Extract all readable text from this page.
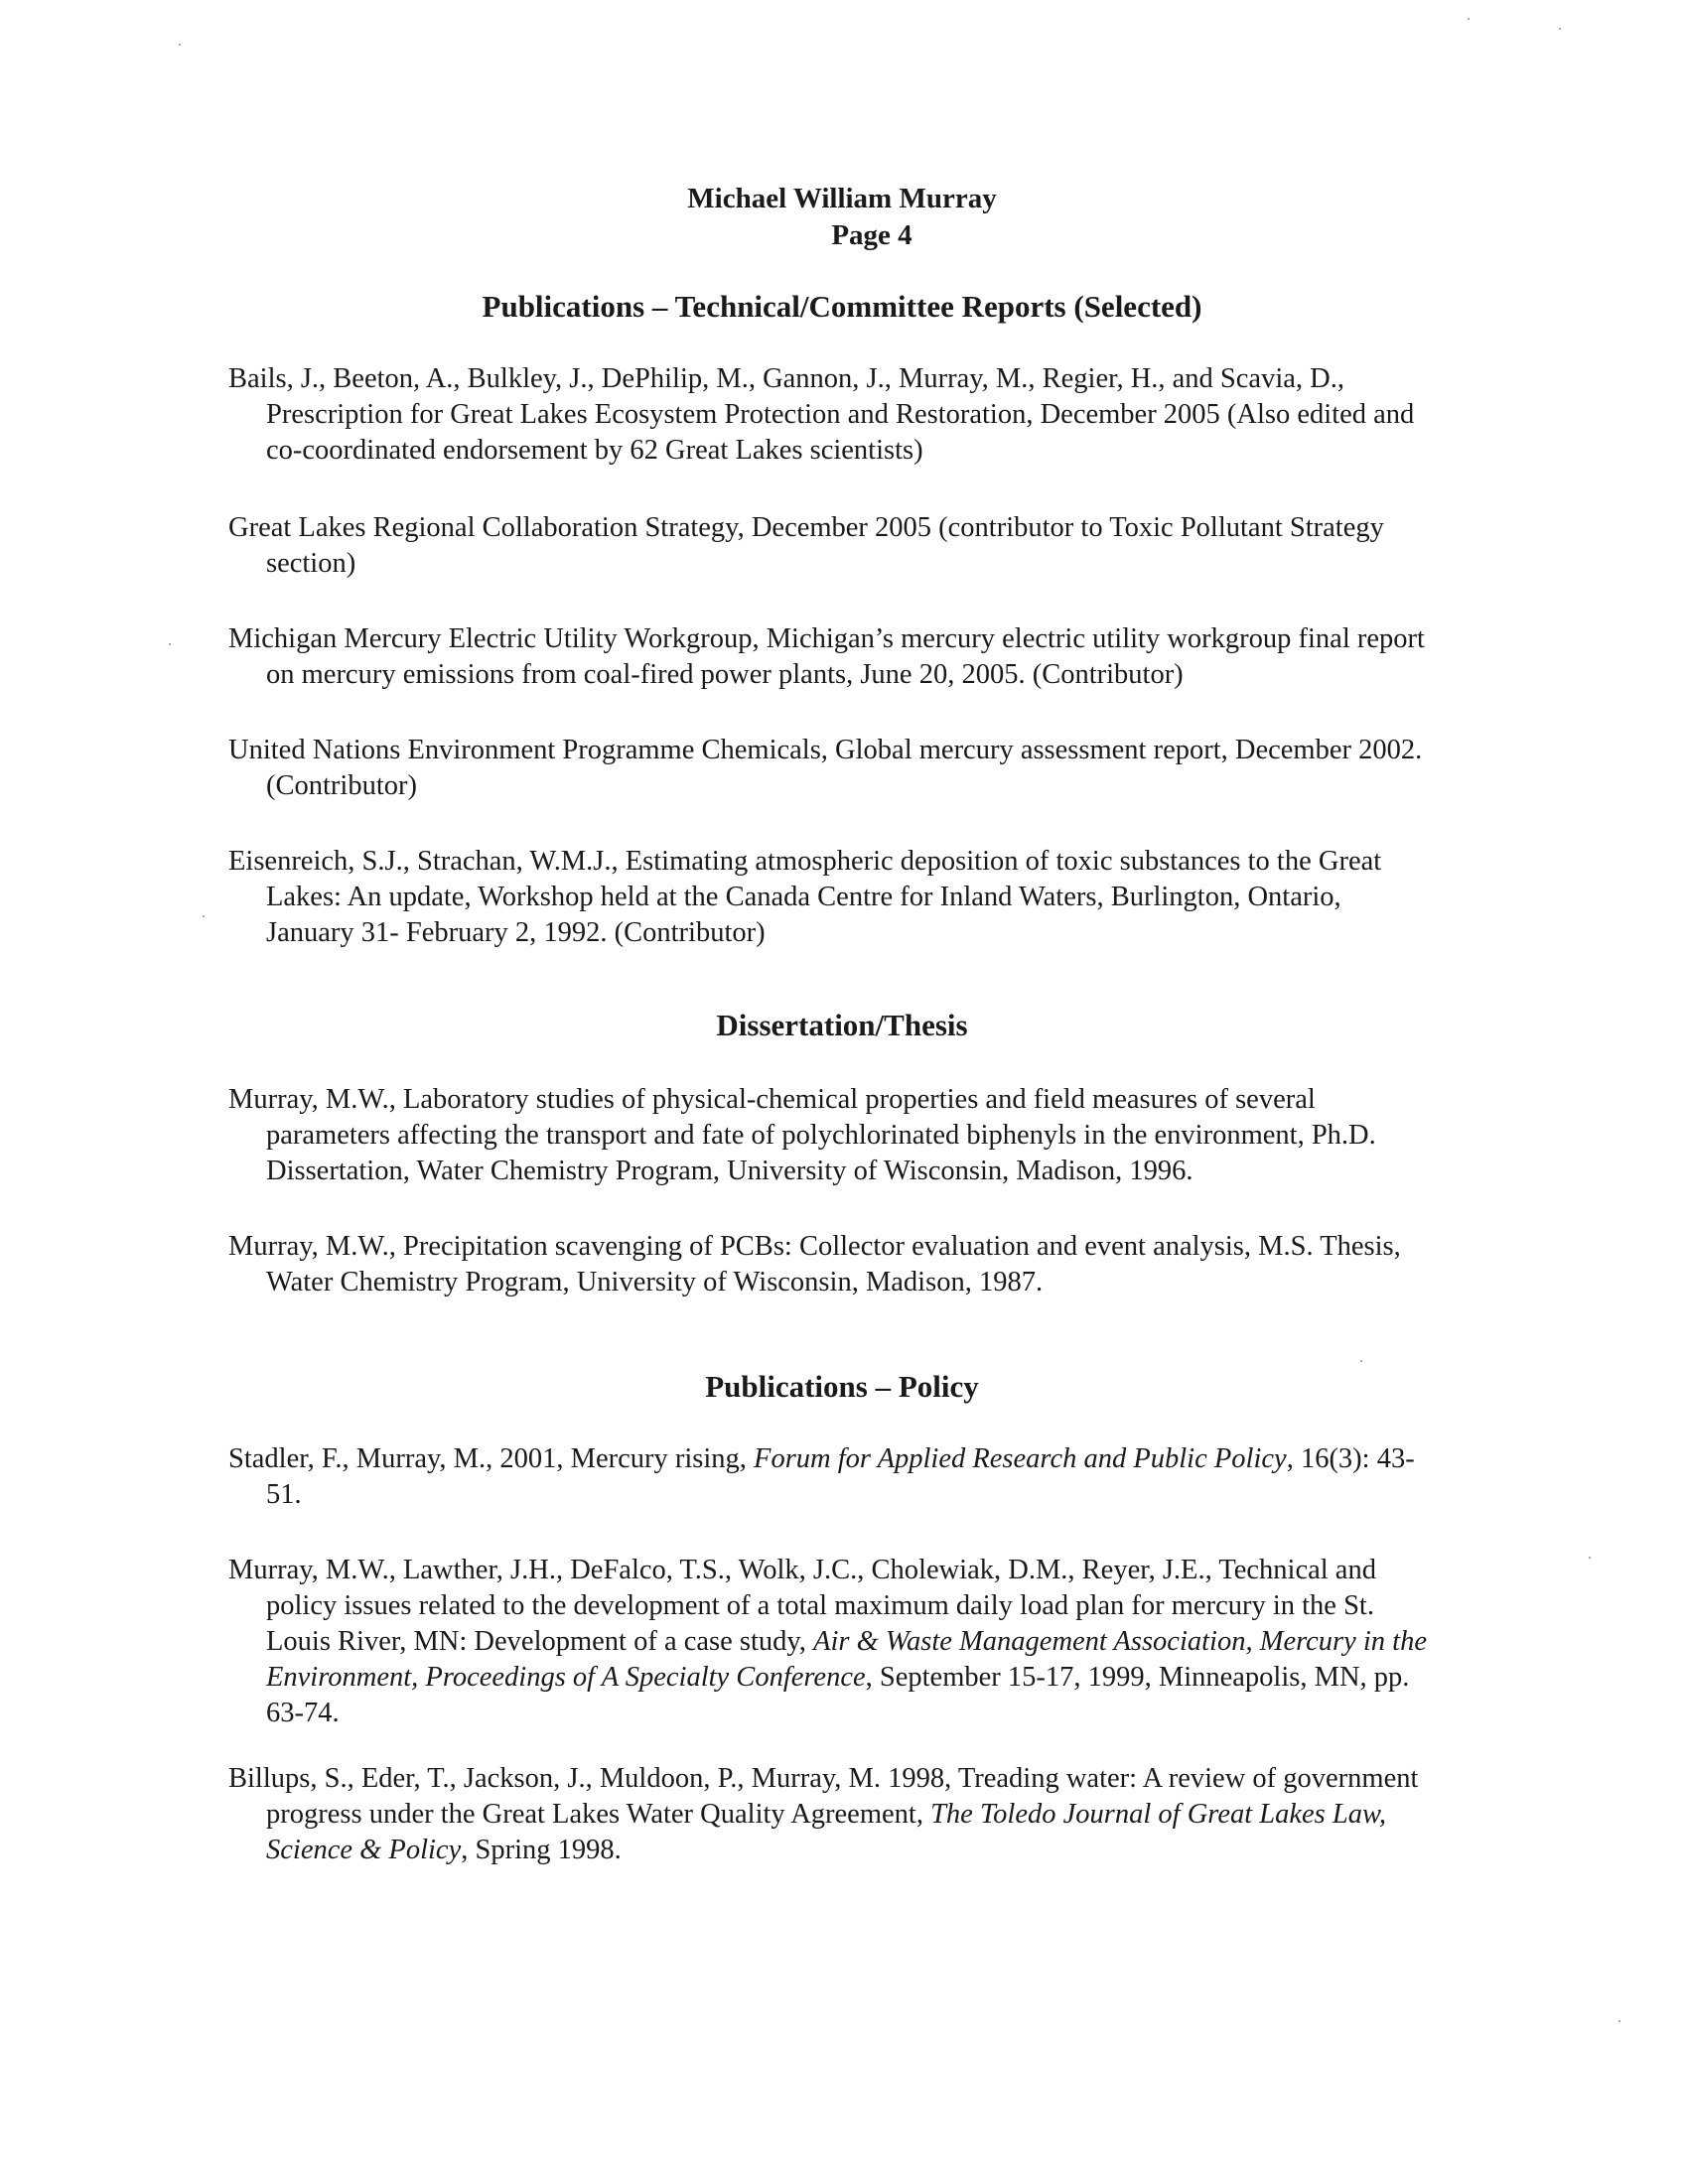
Michael William Murray
Page 4
Publications – Technical/Committee Reports (Selected)
Bails, J., Beeton, A., Bulkley, J., DePhilip, M., Gannon, J., Murray, M., Regier, H., and Scavia, D., Prescription for Great Lakes Ecosystem Protection and Restoration, December 2005 (Also edited and co-coordinated endorsement by 62 Great Lakes scientists)
Great Lakes Regional Collaboration Strategy, December 2005 (contributor to Toxic Pollutant Strategy section)
Michigan Mercury Electric Utility Workgroup, Michigan’s mercury electric utility workgroup final report on mercury emissions from coal-fired power plants, June 20, 2005. (Contributor)
United Nations Environment Programme Chemicals, Global mercury assessment report, December 2002. (Contributor)
Eisenreich, S.J., Strachan, W.M.J., Estimating atmospheric deposition of toxic substances to the Great Lakes: An update, Workshop held at the Canada Centre for Inland Waters, Burlington, Ontario, January 31- February 2, 1992. (Contributor)
Dissertation/Thesis
Murray, M.W., Laboratory studies of physical-chemical properties and field measures of several parameters affecting the transport and fate of polychlorinated biphenyls in the environment, Ph.D. Dissertation, Water Chemistry Program, University of Wisconsin, Madison, 1996.
Murray, M.W., Precipitation scavenging of PCBs: Collector evaluation and event analysis, M.S. Thesis, Water Chemistry Program, University of Wisconsin, Madison, 1987.
Publications – Policy
Stadler, F., Murray, M., 2001, Mercury rising, Forum for Applied Research and Public Policy, 16(3): 43-51.
Murray, M.W., Lawther, J.H., DeFalco, T.S., Wolk, J.C., Cholewiak, D.M., Reyer, J.E., Technical and policy issues related to the development of a total maximum daily load plan for mercury in the St. Louis River, MN: Development of a case study, Air & Waste Management Association, Mercury in the Environment, Proceedings of A Specialty Conference, September 15-17, 1999, Minneapolis, MN, pp. 63-74.
Billups, S., Eder, T., Jackson, J., Muldoon, P., Murray, M. 1998, Treading water: A review of government progress under the Great Lakes Water Quality Agreement, The Toledo Journal of Great Lakes Law, Science & Policy, Spring 1998.
